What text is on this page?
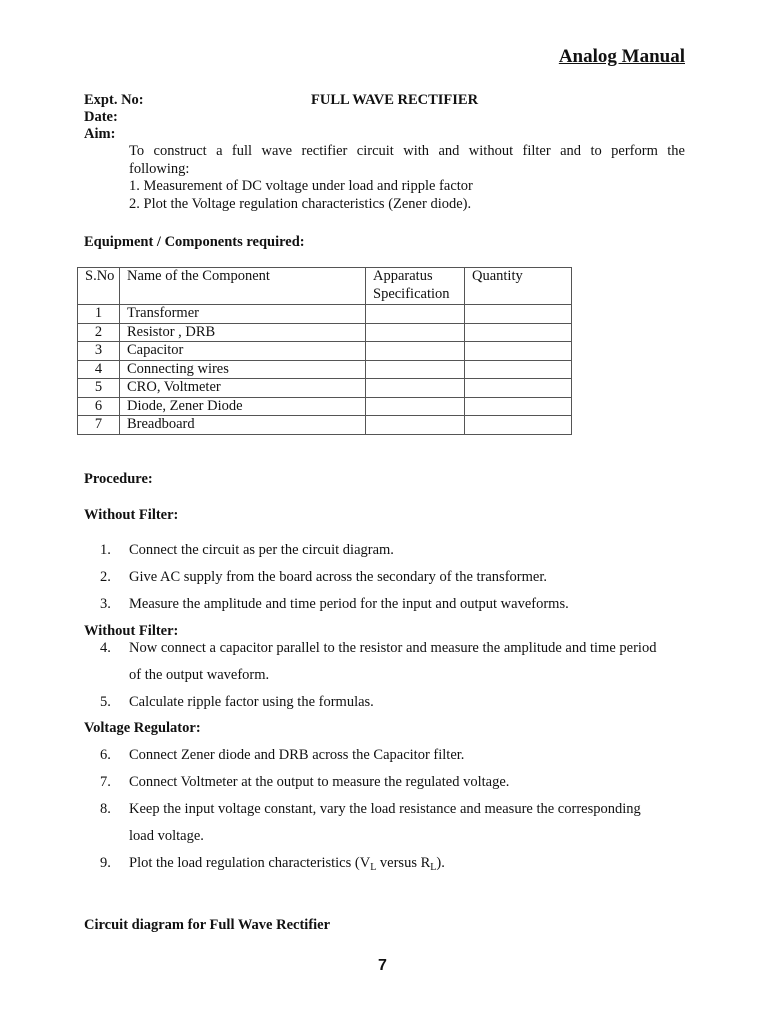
Analog Manual
Expt. No:	FULL WAVE RECTIFIER
Date:
Aim:
To construct a full wave rectifier circuit with and without filter and to perform the
following:
1. Measurement of DC voltage under load and ripple factor
2. Plot the Voltage regulation characteristics (Zener diode).
Equipment / Components required:
S.No	Name of the Component	Apparatus Specification	Quantity
1	Transformer		
2	Resistor , DRB		
3	Capacitor		
4	Connecting wires		
5	CRO, Voltmeter		
6	Diode, Zener Diode		
7	Breadboard		
Procedure:
Without Filter:
1. Connect the circuit as per the circuit diagram.
2. Give AC supply from the board across the secondary of the transformer.
3. Measure the amplitude and time period for the input and output waveforms.
Without Filter:
4. Now connect a capacitor parallel to the resistor and measure the amplitude and time period
of the output waveform.
5. Calculate ripple factor using the formulas.
Voltage Regulator:
6. Connect Zener diode and DRB across the Capacitor filter.
7. Connect Voltmeter at the output to measure the regulated voltage.
8. Keep the input voltage constant, vary the load resistance and measure the corresponding
load voltage.
9. Plot the load regulation characteristics ($V_L$ versus $R_L$).
Circuit diagram for Full Wave Rectifier
7
